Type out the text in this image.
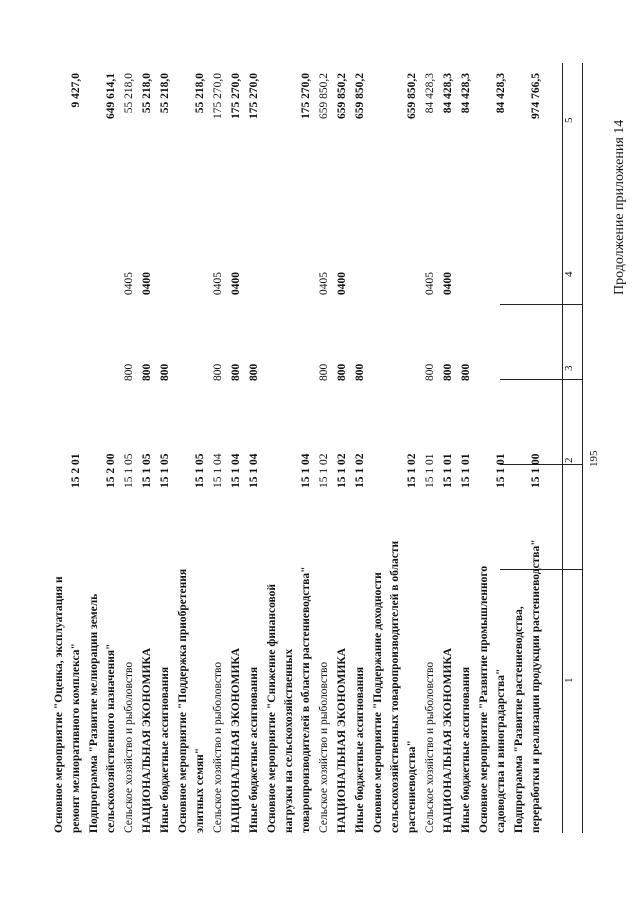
195
Продолжение приложения 14
1
2
3
4
5
Подпрограмма "Развитие растениеводства, переработки и реализации продукции растениеводства"
15 1 00
974 766,5
Основное мероприятие "Развитие промышленного садоводства и виноградарства"
15 1 01
84 428,3
Иные бюджетные ассигнования
15 1 01
800
84 428,3
НАЦИОНАЛЬНАЯ ЭКОНОМИКА
15 1 01
800
0400
84 428,3
Сельское хозяйство и рыболовство
15 1 01
800
0405
84 428,3
Основное мероприятие "Поддержание доходности сельскохозяйственных товаропроизводителей в области растениеводства"
15 1 02
659 850,2
Иные бюджетные ассигнования
15 1 02
800
659 850,2
НАЦИОНАЛЬНАЯ ЭКОНОМИКА
15 1 02
800
0400
659 850,2
Сельское хозяйство и рыболовство
15 1 02
800
0405
659 850,2
Основное мероприятие "Снижение финансовой нагрузки на сельскохозяйственных товаропроизводителей в области растениеводства"
15 1 04
175 270,0
Иные бюджетные ассигнования
15 1 04
800
175 270,0
НАЦИОНАЛЬНАЯ ЭКОНОМИКА
15 1 04
800
0400
175 270,0
Сельское хозяйство и рыболовство
15 1 04
800
0405
175 270,0
Основное мероприятие "Поддержка приобретения элитных семян"
15 1 05
55 218,0
Иные бюджетные ассигнования
15 1 05
800
55 218,0
НАЦИОНАЛЬНАЯ ЭКОНОМИКА
15 1 05
800
0400
55 218,0
Сельское хозяйство и рыболовство
15 1 05
800
0405
55 218,0
Подпрограмма "Развитие мелиорации земель сельскохозяйственного назначения"
15 2 00
649 614,1
Основное мероприятие "Оценка, эксплуатация и ремонт мелиоративного комплекса"
15 2 01
9 427,0
